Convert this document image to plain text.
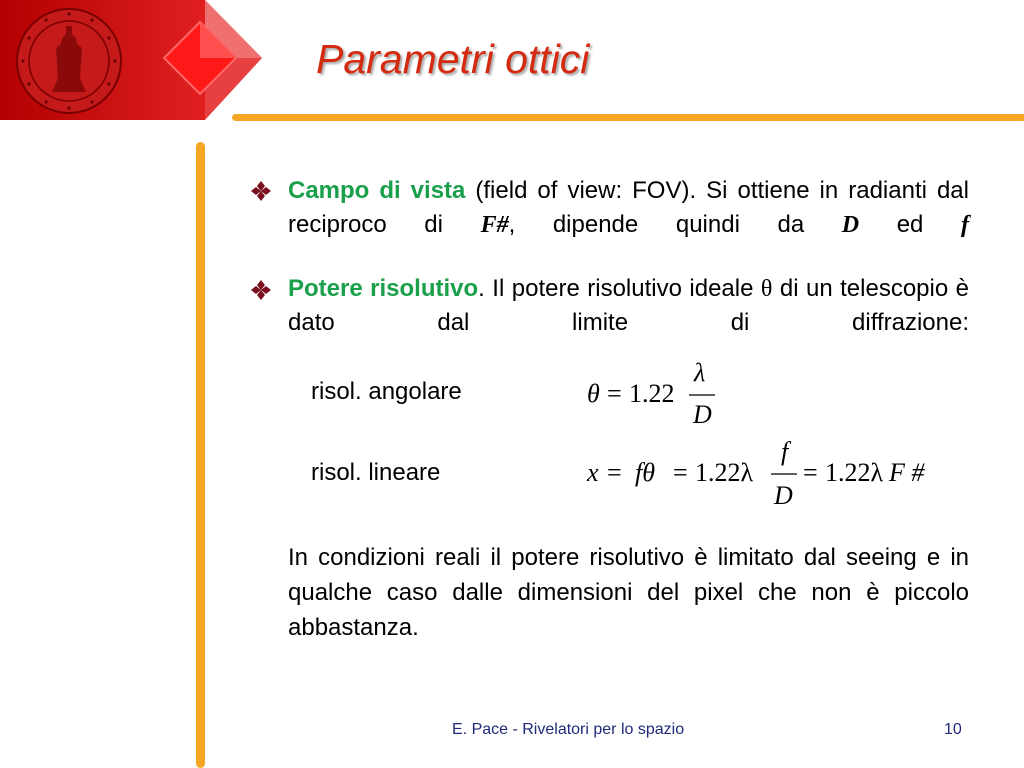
Parametri ottici
Campo di vista (field of view: FOV). Si ottiene in radianti dal reciproco di F#, dipende quindi da D ed f
Potere risolutivo. Il potere risolutivo ideale θ di un telescopio è dato dal limite di diffrazione:
risol. angolare
risol. lineare
θ = 1.22
λ
D
x = fθ = 1.22λ
f
D
= 1.22λ F #
In condizioni reali il potere risolutivo è limitato dal seeing e in qualche caso dalle dimensioni del pixel che non è piccolo abbastanza.
E. Pace - Rivelatori per lo spazio	10
